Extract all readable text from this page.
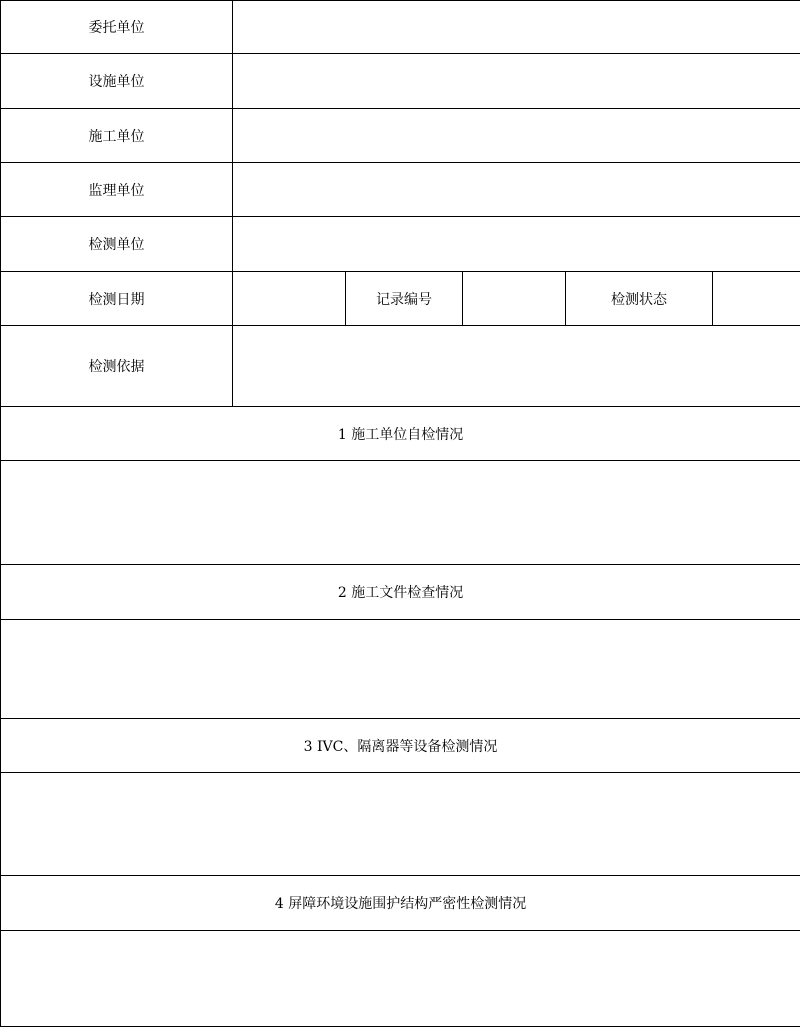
委托单位					
设施单位					
施工单位					
监理单位					
检测单位					
检测日期		记录编号		检测状态	
检测依据					
1 施工单位自检情况					

2 施工文件检查情况					

3 IVC、隔离器等设备检测情况					

4 屏障环境设施围护结构严密性检测情况					
